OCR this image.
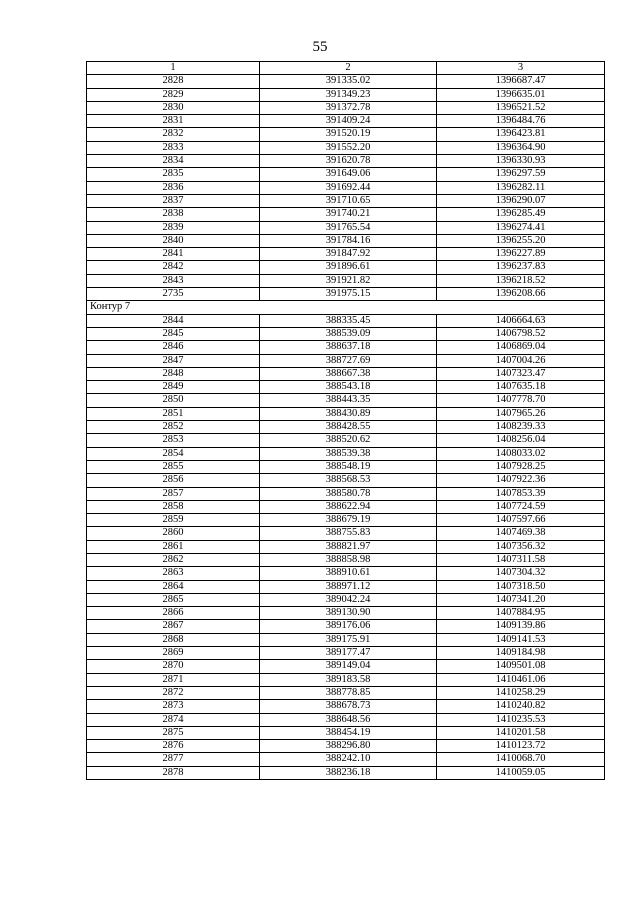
55
1	2	3
2828	391335.02	1396687.47
2829	391349.23	1396635.01
2830	391372.78	1396521.52
2831	391409.24	1396484.76
2832	391520.19	1396423.81
2833	391552.20	1396364.90
2834	391620.78	1396330.93
2835	391649.06	1396297.59
2836	391692.44	1396282.11
2837	391710.65	1396290.07
2838	391740.21	1396285.49
2839	391765.54	1396274.41
2840	391784.16	1396255.20
2841	391847.92	1396227.89
2842	391896.61	1396237.83
2843	391921.82	1396218.52
2735	391975.15	1396208.66
Контур 7		
2844	388335.45	1406664.63
2845	388539.09	1406798.52
2846	388637.18	1406869.04
2847	388727.69	1407004.26
2848	388667.38	1407323.47
2849	388543.18	1407635.18
2850	388443.35	1407778.70
2851	388430.89	1407965.26
2852	388428.55	1408239.33
2853	388520.62	1408256.04
2854	388539.38	1408033.02
2855	388548.19	1407928.25
2856	388568.53	1407922.36
2857	388580.78	1407853.39
2858	388622.94	1407724.59
2859	388679.19	1407597.66
2860	388755.83	1407469.38
2861	388821.97	1407356.32
2862	388858.98	1407311.58
2863	388910.61	1407304.32
2864	388971.12	1407318.50
2865	389042.24	1407341.20
2866	389130.90	1407884.95
2867	389176.06	1409139.86
2868	389175.91	1409141.53
2869	389177.47	1409184.98
2870	389149.04	1409501.08
2871	389183.58	1410461.06
2872	388778.85	1410258.29
2873	388678.73	1410240.82
2874	388648.56	1410235.53
2875	388454.19	1410201.58
2876	388296.80	1410123.72
2877	388242.10	1410068.70
2878	388236.18	1410059.05
